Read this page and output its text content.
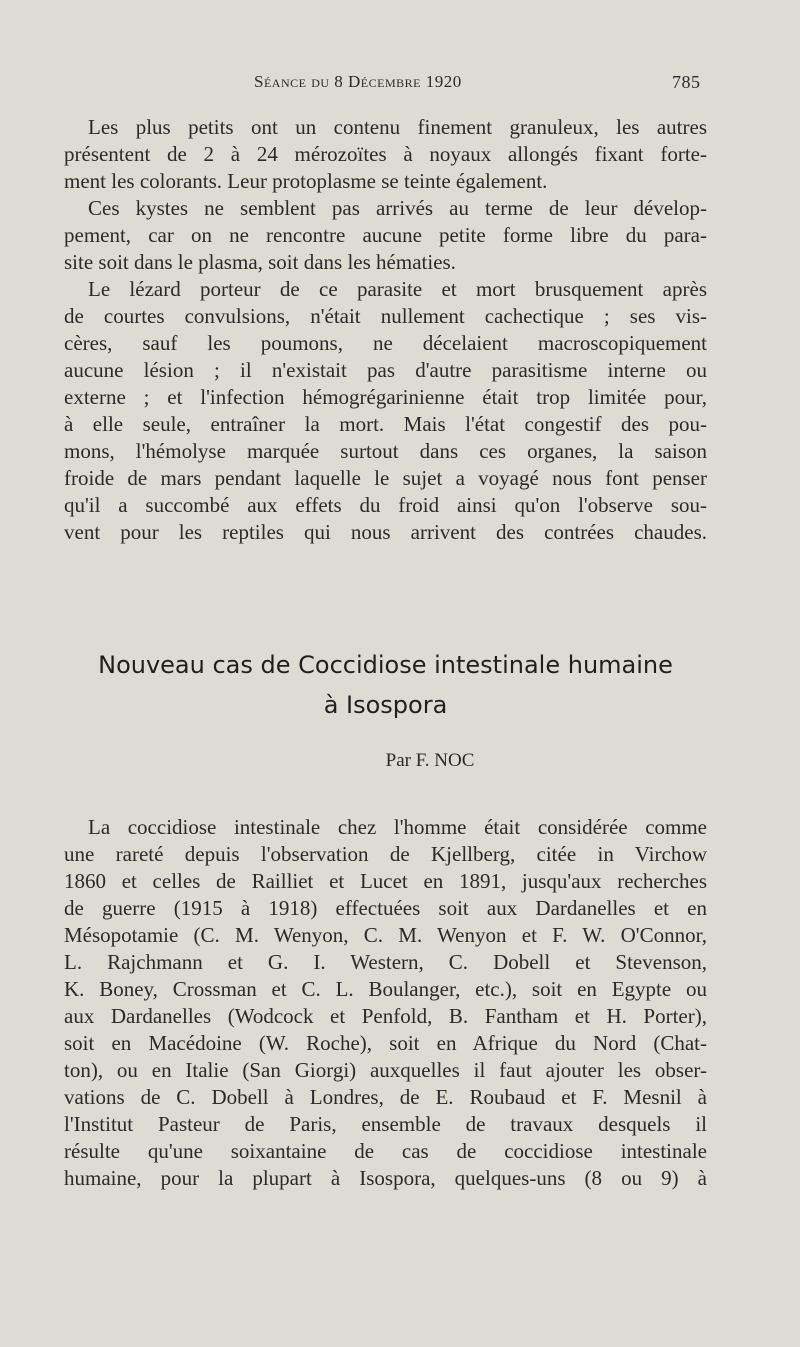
Séance du 8 Décembre 1920	785

Les plus petits ont un contenu finement granuleux, les autres
présentent de 2 à 24 mérozoïtes à noyaux allongés fixant forte-
ment les colorants. Leur protoplasme se teinte également.

Ces kystes ne semblent pas arrivés au terme de leur dévelop-
pement, car on ne rencontre aucune petite forme libre du para-
site soit dans le plasma, soit dans les hématies.

Le lézard porteur de ce parasite et mort brusquement après
de courtes convulsions, n'était nullement cachectique ; ses vis-
cères, sauf les poumons, ne décelaient macroscopiquement
aucune lésion ; il n'existait pas d'autre parasitisme interne ou
externe ; et l'infection hémogrégarinienne était trop limitée pour,
à elle seule, entraîner la mort. Mais l'état congestif des pou-
mons, l'hémolyse marquée surtout dans ces organes, la saison
froide de mars pendant laquelle le sujet a voyagé nous font penser
qu'il a succombé aux effets du froid ainsi qu'on l'observe sou-
vent pour les reptiles qui nous arrivent des contrées chaudes.

Nouveau cas de Coccidiose intestinale humaine
à Isospora
Par F. NOC

La coccidiose intestinale chez l'homme était considérée comme
une rareté depuis l'observation de Kjellberg, citée in Virchow
1860 et celles de Railliet et Lucet en 1891, jusqu'aux recherches
de guerre (1915 à 1918) effectuées soit aux Dardanelles et en
Mésopotamie (C. M. Wenyon, C. M. Wenyon et F. W. O'Connor,
L. Rajchmann et G. I. Western, C. Dobell et Stevenson,
K. Boney, Crossman et C. L. Boulanger, etc.), soit en Egypte ou
aux Dardanelles (Wodcock et Penfold, B. Fantham et H. Porter),
soit en Macédoine (W. Roche), soit en Afrique du Nord (Chat-
ton), ou en Italie (San Giorgi) auxquelles il faut ajouter les obser-
vations de C. Dobell à Londres, de E. Roubaud et F. Mesnil à
l'Institut Pasteur de Paris, ensemble de travaux desquels il
résulte qu'une soixantaine de cas de coccidiose intestinale
humaine, pour la plupart à Isospora, quelques-uns (8 ou 9) à
